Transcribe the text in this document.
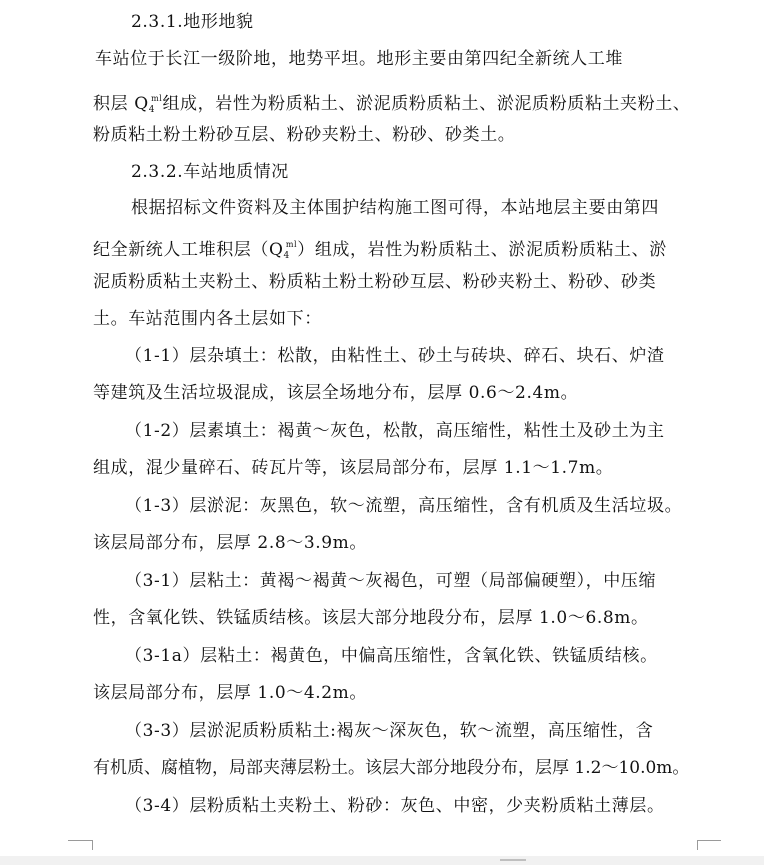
2.3.1.地形地貌
车站位于长江一级阶地，地势平坦。地形主要由第四纪全新统人工堆
积层 $Q_4^{ml}$组成，岩性为粉质粘土、淤泥质粉质粘土、淤泥质粉质粘土夹粉土、
粉质粘土粉土粉砂互层、粉砂夹粉土、粉砂、砂类土。
2.3.2.车站地质情况
根据招标文件资料及主体围护结构施工图可得，本站地层主要由第四
纪全新统人工堆积层$(Q_4^{ml})$组成，岩性为粉质粘土、淤泥质粉质粘土、淤
泥质粉质粘土夹粉土、粉质粘土粉土粉砂互层、粉砂夹粉土、粉砂、砂类
土。车站范围内各土层如下：
（1-1）层杂填土：松散，由粘性土、砂土与砖块、碎石、块石、炉渣
等建筑及生活垃圾混成，该层全场地分布，层厚 0.6～2.4m。
（1-2）层素填土：褐黄～灰色，松散，高压缩性，粘性土及砂土为主
组成，混少量碎石、砖瓦片等，该层局部分布，层厚 1.1～1.7m。
（1-3）层淤泥：灰黑色，软～流塑，高压缩性，含有机质及生活垃圾。
该层局部分布，层厚 2.8～3.9m。
（3-1）层粘土：黄褐～褐黄～灰褐色，可塑（局部偏硬塑），中压缩
性，含氧化铁、铁锰质结核。该层大部分地段分布，层厚 1.0～6.8m。
（3-1a）层粘土：褐黄色，中偏高压缩性，含氧化铁、铁锰质结核。
该层局部分布，层厚 1.0～4.2m。
（3-3）层淤泥质粉质粘土:褐灰～深灰色，软～流塑，高压缩性，含
有机质、腐植物，局部夹薄层粉土。该层大部分地段分布，层厚 1.2～10.0m。
（3-4）层粉质粘土夹粉土、粉砂：灰色、中密，少夹粉质粘土薄层。
